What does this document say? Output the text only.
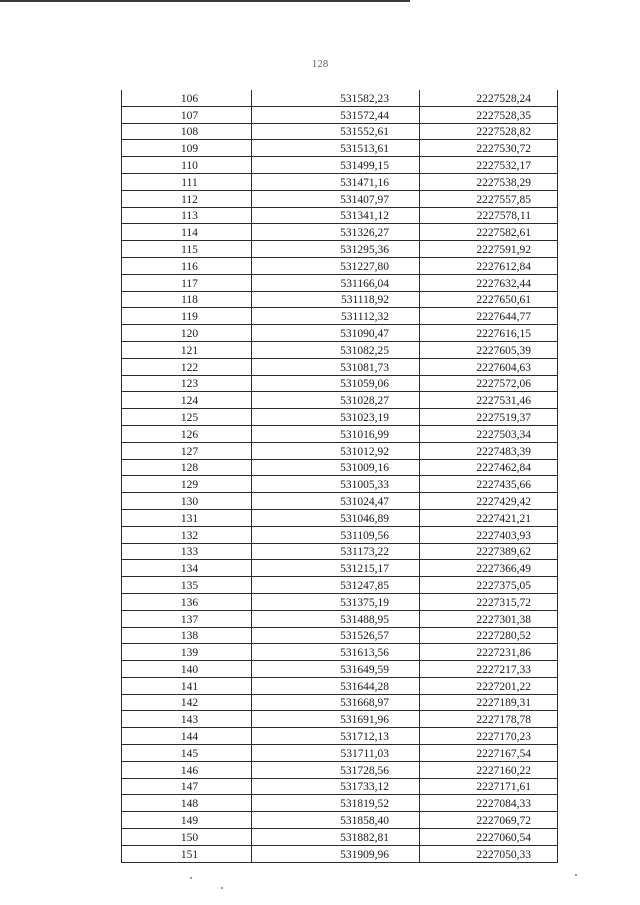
128
106	531582,23	2227528,24
107	531572,44	2227528,35
108	531552,61	2227528,82
109	531513,61	2227530,72
110	531499,15	2227532,17
111	531471,16	2227538,29
112	531407,97	2227557,85
113	531341,12	2227578,11
114	531326,27	2227582,61
115	531295,36	2227591,92
116	531227,80	2227612,84
117	531166,04	2227632,44
118	531118,92	2227650,61
119	531112,32	2227644,77
120	531090,47	2227616,15
121	531082,25	2227605,39
122	531081,73	2227604,63
123	531059,06	2227572,06
124	531028,27	2227531,46
125	531023,19	2227519,37
126	531016,99	2227503,34
127	531012,92	2227483,39
128	531009,16	2227462,84
129	531005,33	2227435,66
130	531024,47	2227429,42
131	531046,89	2227421,21
132	531109,56	2227403,93
133	531173,22	2227389,62
134	531215,17	2227366,49
135	531247,85	2227375,05
136	531375,19	2227315,72
137	531488,95	2227301,38
138	531526,57	2227280,52
139	531613,56	2227231,86
140	531649,59	2227217,33
141	531644,28	2227201,22
142	531668,97	2227189,31
143	531691,96	2227178,78
144	531712,13	2227170,23
145	531711,03	2227167,54
146	531728,56	2227160,22
147	531733,12	2227171,61
148	531819,52	2227084,33
149	531858,40	2227069,72
150	531882,81	2227060,54
151	531909,96	2227050,33
